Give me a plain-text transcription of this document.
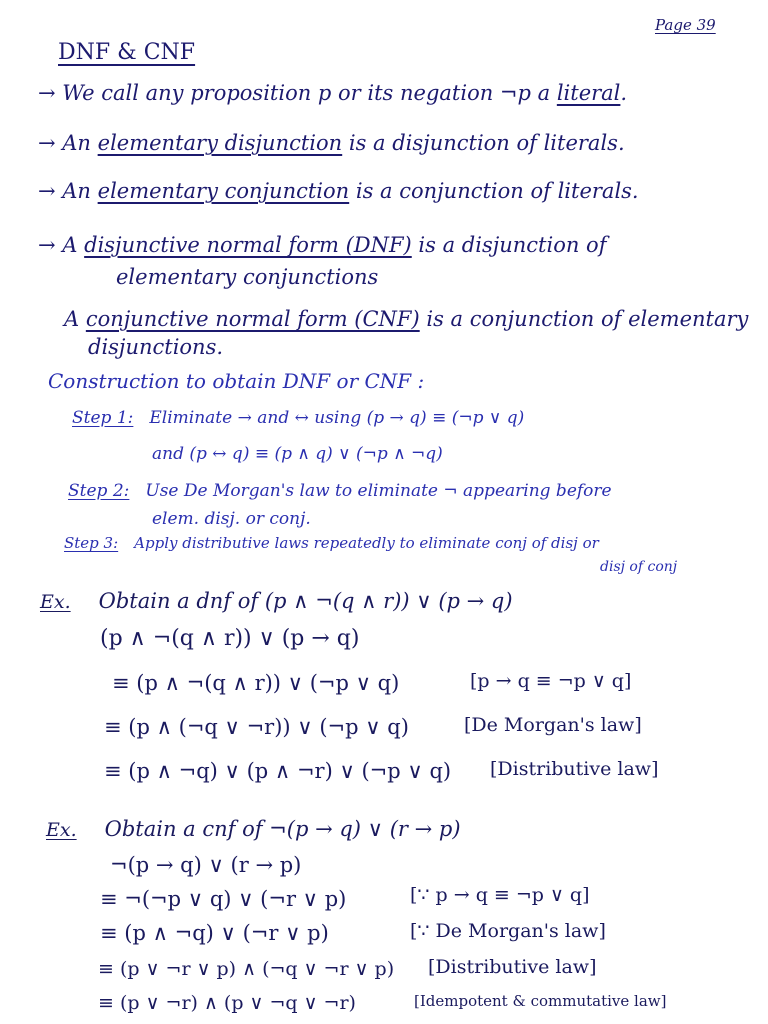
Page 39
DNF & CNF
→ We call any proposition p or its negation ¬p a literal.
→ An elementary disjunction is a disjunction of literals.
→ An elementary conjunction is a conjunction of literals.
→ A disjunctive normal form (DNF) is a disjunction of
elementary conjunctions
A conjunctive normal form (CNF) is a conjunction of elementary
disjunctions.
Construction to obtain DNF or CNF :
Step 1: Eliminate → and ↔ using (p → q) ≡ (¬p ∨ q)
and (p ↔ q) ≡ (p ∧ q) ∨ (¬p ∧ ¬q)
Step 2: Use De Morgan's law to eliminate ¬ appearing before
elem. disj. or conj.
Step 3: Apply distributive laws repeatedly to eliminate conj of disj or
disj of conj
Ex. Obtain a dnf of (p ∧ ¬(q ∧ r)) ∨ (p → q)
(p ∧ ¬(q ∧ r)) ∨ (p → q)
≡ (p ∧ ¬(q ∧ r)) ∨ (¬p ∨ q)	[p → q ≡ ¬p ∨ q]
≡ (p ∧ (¬q ∨ ¬r)) ∨ (¬p ∨ q)	[De Morgan's law]
≡ (p ∧ ¬q) ∨ (p ∧ ¬r) ∨ (¬p ∨ q) [Distributive law]
Ex. Obtain a cnf of ¬(p → q) ∨ (r → p)
¬(p → q) ∨ (r → p)
≡ ¬(¬p ∨ q) ∨ (¬r ∨ p)	[∵ p → q ≡ ¬p ∨ q]
≡ (p ∧ ¬q) ∨ (¬r ∨ p)	[∵ De Morgan's law]
≡ (p ∨ ¬r ∨ p) ∧ (¬q ∨ ¬r ∨ p) [Distributive law]
≡ (p ∨ ¬r) ∧ (p ∨ ¬q ∨ ¬r)	[Idempotent & commutative law]
